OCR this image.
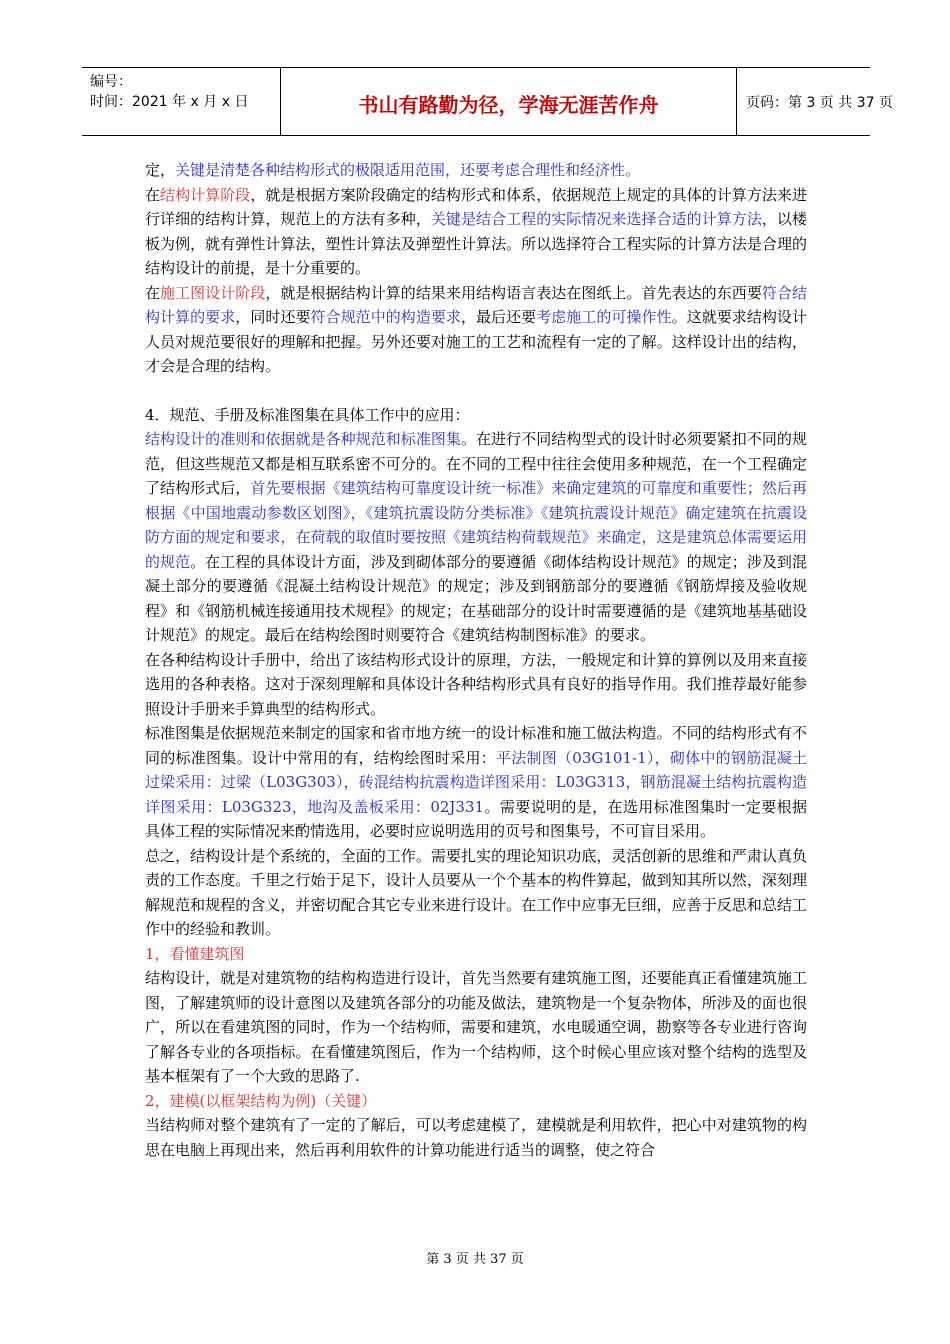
编号：
时间：2021 年 x 月 x 日	书山有路勤为径，学海无涯苦作舟	页码：第 3 页 共 37 页

定，关键是清楚各种结构形式的极限适用范围，还要考虑合理性和经济性。

在结构计算阶段，就是根据方案阶段确定的结构形式和体系，依据规范上规定的具体的计算方法来进行详细的结构计算，规范上的方法有多种，关键是结合工程的实际情况来选择合适的计算方法，以楼板为例，就有弹性计算法，塑性计算法及弹塑性计算法。所以选择符合工程实际的计算方法是合理的结构设计的前提，是十分重要的。

在施工图设计阶段，就是根据结构计算的结果来用结构语言表达在图纸上。首先表达的东西要符合结构计算的要求，同时还要符合规范中的构造要求，最后还要考虑施工的可操作性。这就要求结构设计人员对规范要很好的理解和把握。另外还要对施工的工艺和流程有一定的了解。这样设计出的结构，才会是合理的结构。

4．规范、手册及标准图集在具体工作中的应用：

结构设计的准则和依据就是各种规范和标准图集。在进行不同结构型式的设计时必须要紧扣不同的规范，但这些规范又都是相互联系密不可分的。在不同的工程中往往会使用多种规范，在一个工程确定了结构形式后，首先要根据《建筑结构可靠度设计统一标准》来确定建筑的可靠度和重要性；然后再根据《中国地震动参数区划图》，《建筑抗震设防分类标准》《建筑抗震设计规范》确定建筑在抗震设防方面的规定和要求，在荷载的取值时要按照《建筑结构荷载规范》来确定，这是建筑总体需要运用的规范。在工程的具体设计方面，涉及到砌体部分的要遵循《砌体结构设计规范》的规定；涉及到混凝土部分的要遵循《混凝土结构设计规范》的规定；涉及到钢筋部分的要遵循《钢筋焊接及验收规程》和《钢筋机械连接通用技术规程》的规定；在基础部分的设计时需要遵循的是《建筑地基基础设计规范》的规定。最后在结构绘图时则要符合《建筑结构制图标准》的要求。

在各种结构设计手册中，给出了该结构形式设计的原理，方法，一般规定和计算的算例以及用来直接选用的各种表格。这对于深刻理解和具体设计各种结构形式具有良好的指导作用。我们推荐最好能参照设计手册来手算典型的结构形式。

标准图集是依据规范来制定的国家和省市地方统一的设计标准和施工做法构造。不同的结构形式有不同的标准图集。设计中常用的有，结构绘图时采用：平法制图（03G101-1），砌体中的钢筋混凝土过梁采用：过梁（L03G303），砖混结构抗震构造详图采用：L03G313，钢筋混凝土结构抗震构造详图采用：L03G323，地沟及盖板采用：02J331。需要说明的是，在选用标准图集时一定要根据具体工程的实际情况来酌情选用，必要时应说明选用的页号和图集号，不可盲目采用。

总之，结构设计是个系统的，全面的工作。需要扎实的理论知识功底，灵活创新的思维和严肃认真负责的工作态度。千里之行始于足下，设计人员要从一个个基本的构件算起，做到知其所以然，深刻理解规范和规程的含义，并密切配合其它专业来进行设计。在工作中应事无巨细，应善于反思和总结工作中的经验和教训。

1，看懂建筑图

结构设计，就是对建筑物的结构构造进行设计，首先当然要有建筑施工图，还要能真正看懂建筑施工图，了解建筑师的设计意图以及建筑各部分的功能及做法，建筑物是一个复杂物体，所涉及的面也很广，所以在看建筑图的同时，作为一个结构师，需要和建筑，水电暖通空调，勘察等各专业进行咨询了解各专业的各项指标。在看懂建筑图后，作为一个结构师，这个时候心里应该对整个结构的选型及基本框架有了一个大致的思路了.

2，建模(以框架结构为例)（关键）

当结构师对整个建筑有了一定的了解后，可以考虑建模了，建模就是利用软件，把心中对建筑物的构思在电脑上再现出来，然后再利用软件的计算功能进行适当的调整，使之符合

第 3 页 共 37 页
